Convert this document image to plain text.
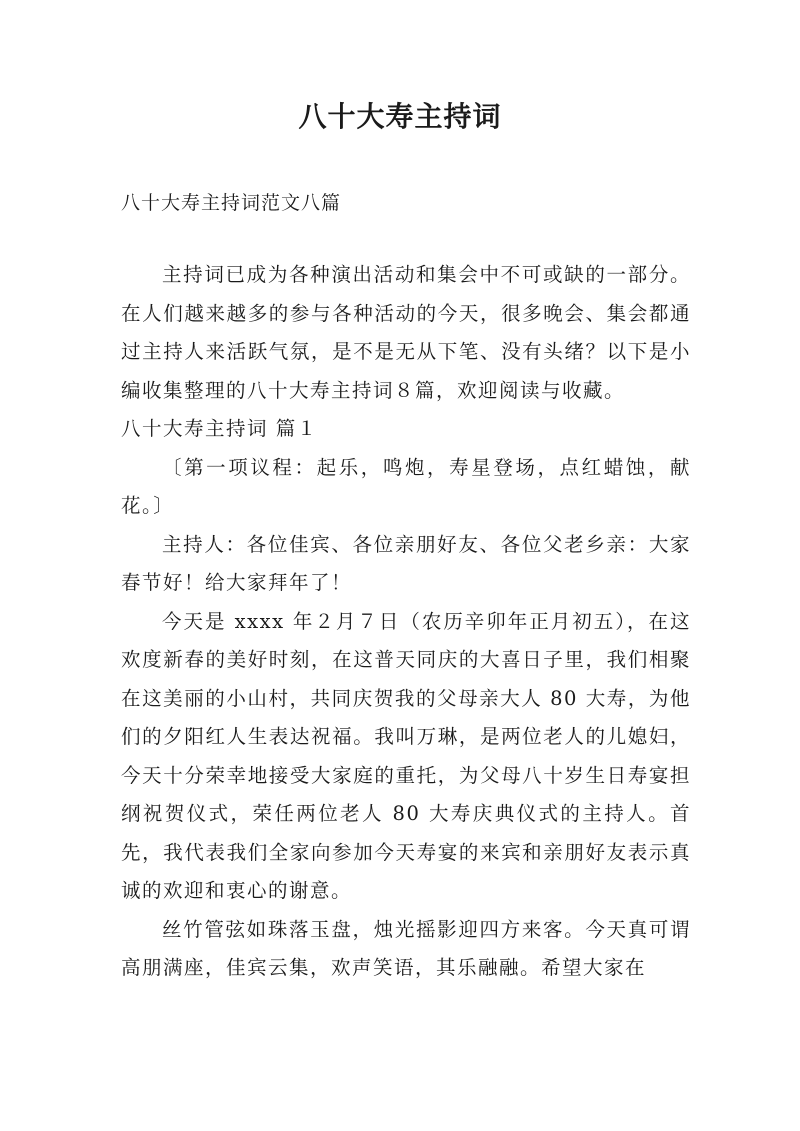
八十大寿主持词
八十大寿主持词范文八篇

主持词已成为各种演出活动和集会中不可或缺的一部分。在人们越来越多的参与各种活动的今天，很多晚会、集会都通过主持人来活跃气氛，是不是无从下笔、没有头绪？以下是小编收集整理的八十大寿主持词８篇，欢迎阅读与收藏。

八十大寿主持词 篇１

〔第一项议程：起乐，鸣炮，寿星登场，点红蜡蚀，献花。〕

主持人：各位佳宾、各位亲朋好友、各位父老乡亲：大家春节好！给大家拜年了！

今天是 xxxx 年２月７日（农历辛卯年正月初五），在这欢度新春的美好时刻，在这普天同庆的大喜日子里，我们相聚在这美丽的小山村，共同庆贺我的父母亲大人 80 大寿，为他们的夕阳红人生表达祝福。我叫万琳，是两位老人的儿媳妇，今天十分荣幸地接受大家庭的重托，为父母八十岁生日寿宴担纲祝贺仪式，荣任两位老人 80 大寿庆典仪式的主持人。首先，我代表我们全家向参加今天寿宴的来宾和亲朋好友表示真诚的欢迎和衷心的谢意。

丝竹管弦如珠落玉盘，烛光摇影迎四方来客。今天真可谓高朋满座，佳宾云集，欢声笑语，其乐融融。希望大家在
